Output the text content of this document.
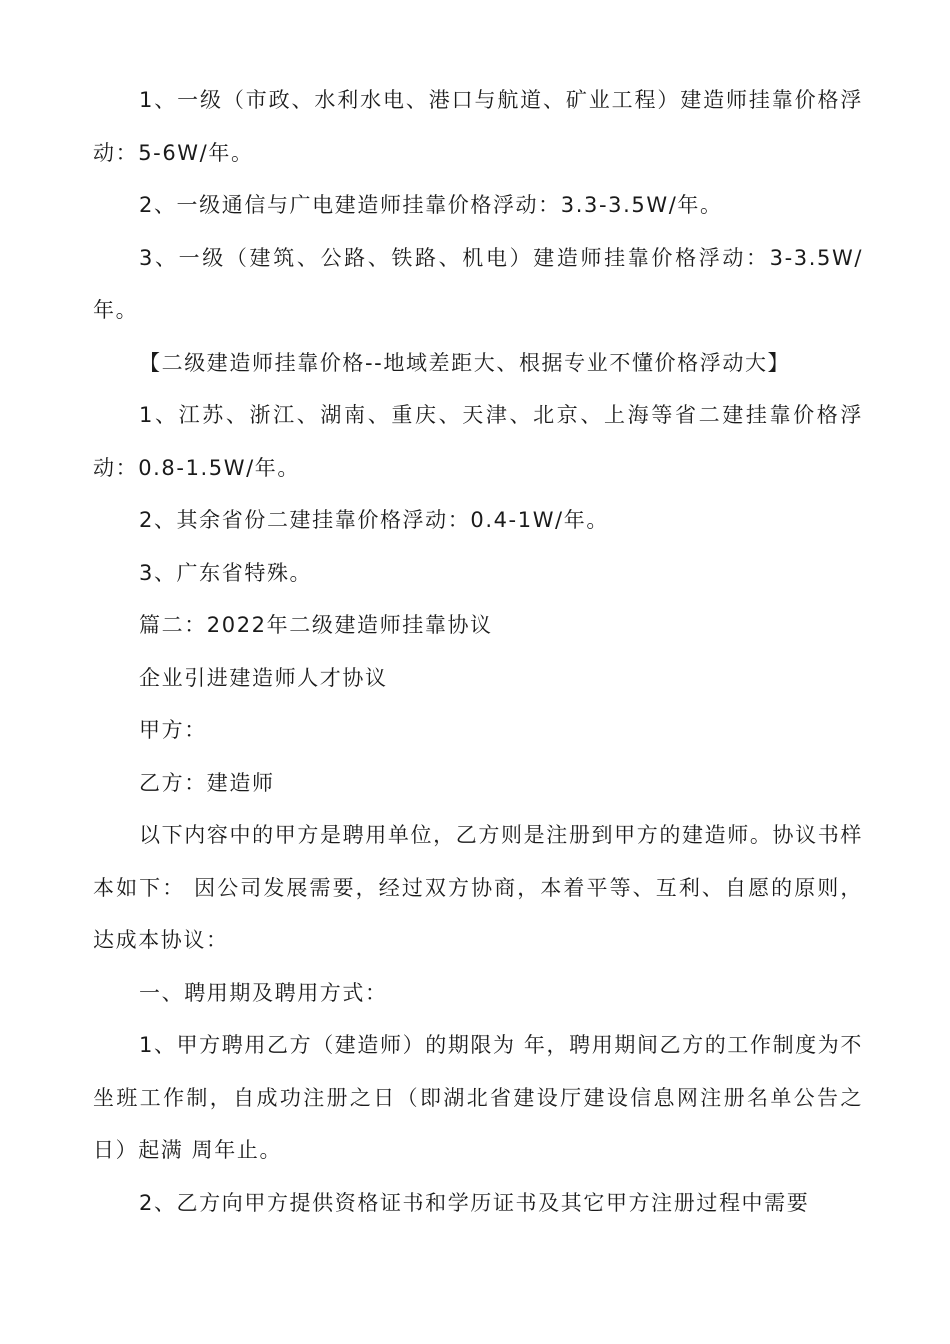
1、一级（市政、水利水电、港口与航道、矿业工程）建造师挂靠价格浮动：5-6W/年。

2、一级通信与广电建造师挂靠价格浮动：3.3-3.5W/年。

3、一级（建筑、公路、铁路、机电）建造师挂靠价格浮动：3-3.5W/年。

【二级建造师挂靠价格--地域差距大、根据专业不懂价格浮动大】

1、江苏、浙江、湖南、重庆、天津、北京、上海等省二建挂靠价格浮动：0.8-1.5W/年。

2、其余省份二建挂靠价格浮动：0.4-1W/年。

3、广东省特殊。

篇二：2022年二级建造师挂靠协议

企业引进建造师人才协议

甲方：

乙方：建造师

以下内容中的甲方是聘用单位，乙方则是注册到甲方的建造师。协议书样本如下： 因公司发展需要，经过双方协商，本着平等、互利、自愿的原则，达成本协议：

一、聘用期及聘用方式：

1、甲方聘用乙方（建造师）的期限为 年，聘用期间乙方的工作制度为不坐班工作制，自成功注册之日（即湖北省建设厅建设信息网注册名单公告之日）起满 周年止。

2、乙方向甲方提供资格证书和学历证书及其它甲方注册过程中需要
